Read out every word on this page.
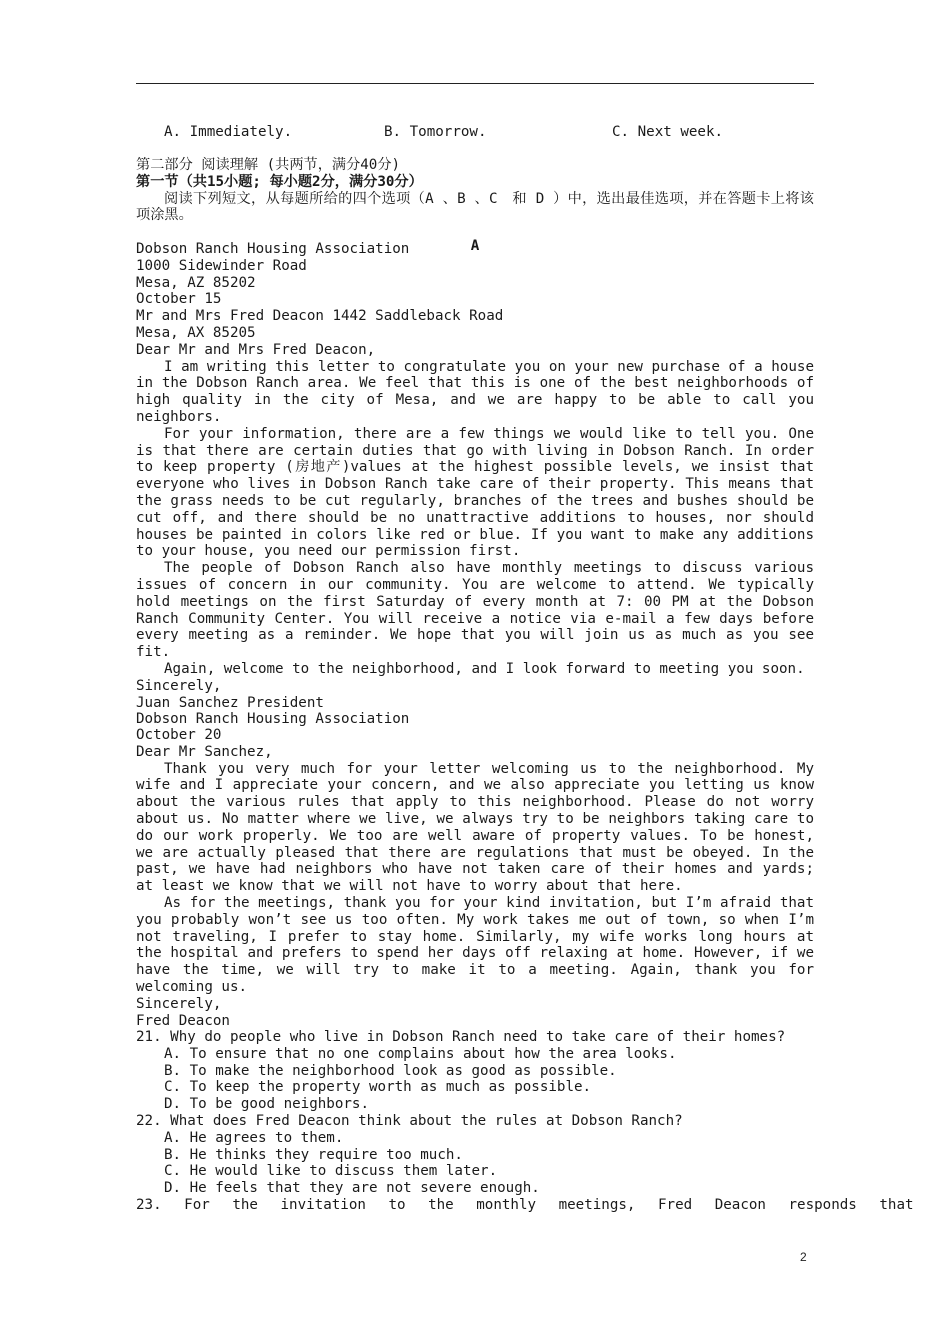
A. Immediately.	B. Tomorrow.	C. Next week.

第二部分 阅读理解 (共两节，满分40分)

第一节（共15小题; 每小题2分，满分30分）

阅读下列短文，从每题所给的四个选项（A 、B 、C　和 D ）中，选出最佳选项，并在答题卡上将该项涂黑。

A

Dobson Ranch Housing Association

1000 Sidewinder Road

Mesa, AZ 85202

October 15

Mr and Mrs Fred Deacon 1442 Saddleback Road

Mesa, AX 85205

Dear Mr and Mrs Fred Deacon,

I am writing this letter to congratulate you on your new purchase of a house in the Dobson Ranch area. We feel that this is one of the best neighborhoods of high quality in the city of Mesa, and we are happy to be able to call you neighbors.

For your information, there are a few things we would like to tell you. One is that there are certain duties that go with living in Dobson Ranch. In order to keep property (房地产)values at the highest possible levels, we insist that everyone who lives in Dobson Ranch take care of their property. This means that the grass needs to be cut regularly, branches of the trees and bushes should be cut off, and there should be no unattractive additions to houses, nor should houses be painted in colors like red or blue. If you want to make any additions to your house, you need our permission first.

The people of Dobson Ranch also have monthly meetings to discuss various issues of concern in our community. You are welcome to attend. We typically hold meetings on the first Saturday of every month at 7: 00 PM at the Dobson Ranch Community Center. You will receive a notice via e-mail a few days before every meeting as a reminder. We hope that you will join us as much as you see fit.

Again, welcome to the neighborhood, and I look forward to meeting you soon.

Sincerely,

Juan Sanchez President

Dobson Ranch Housing Association

October 20

Dear Mr Sanchez,

Thank you very much for your letter welcoming us to the neighborhood. My wife and I appreciate your concern, and we also appreciate you letting us know about the various rules that apply to this neighborhood. Please do not worry about us. No matter where we live, we always try to be neighbors taking care to do our work properly. We too are well aware of property values. To be honest, we are actually pleased that there are regulations that must be obeyed. In the past, we have had neighbors who have not taken care of their homes and yards; at least we know that we will not have to worry about that here.

As for the meetings, thank you for your kind invitation, but I’m afraid that you probably won’t see us too often. My work takes me out of town, so when I’m not traveling, I prefer to stay home. Similarly, my wife works long hours at the hospital and prefers to spend her days off relaxing at home. However, if we have the time, we will try to make it to a meeting. Again, thank you for welcoming us.

Sincerely,

Fred Deacon

21. Why do people who live in Dobson Ranch need to take care of their homes?

A. To ensure that no one complains about how the area looks.

B. To make the neighborhood look as good as possible.

C. To keep the property worth as much as possible.

D. To be good neighbors.

22. What does Fred Deacon think about the rules at Dobson Ranch?

A. He agrees to them.

B. He thinks they require too much.

C. He would like to discuss them later.

D. He feels that they are not severe enough.

23. For the invitation to the monthly meetings, Fred Deacon responds that

2
